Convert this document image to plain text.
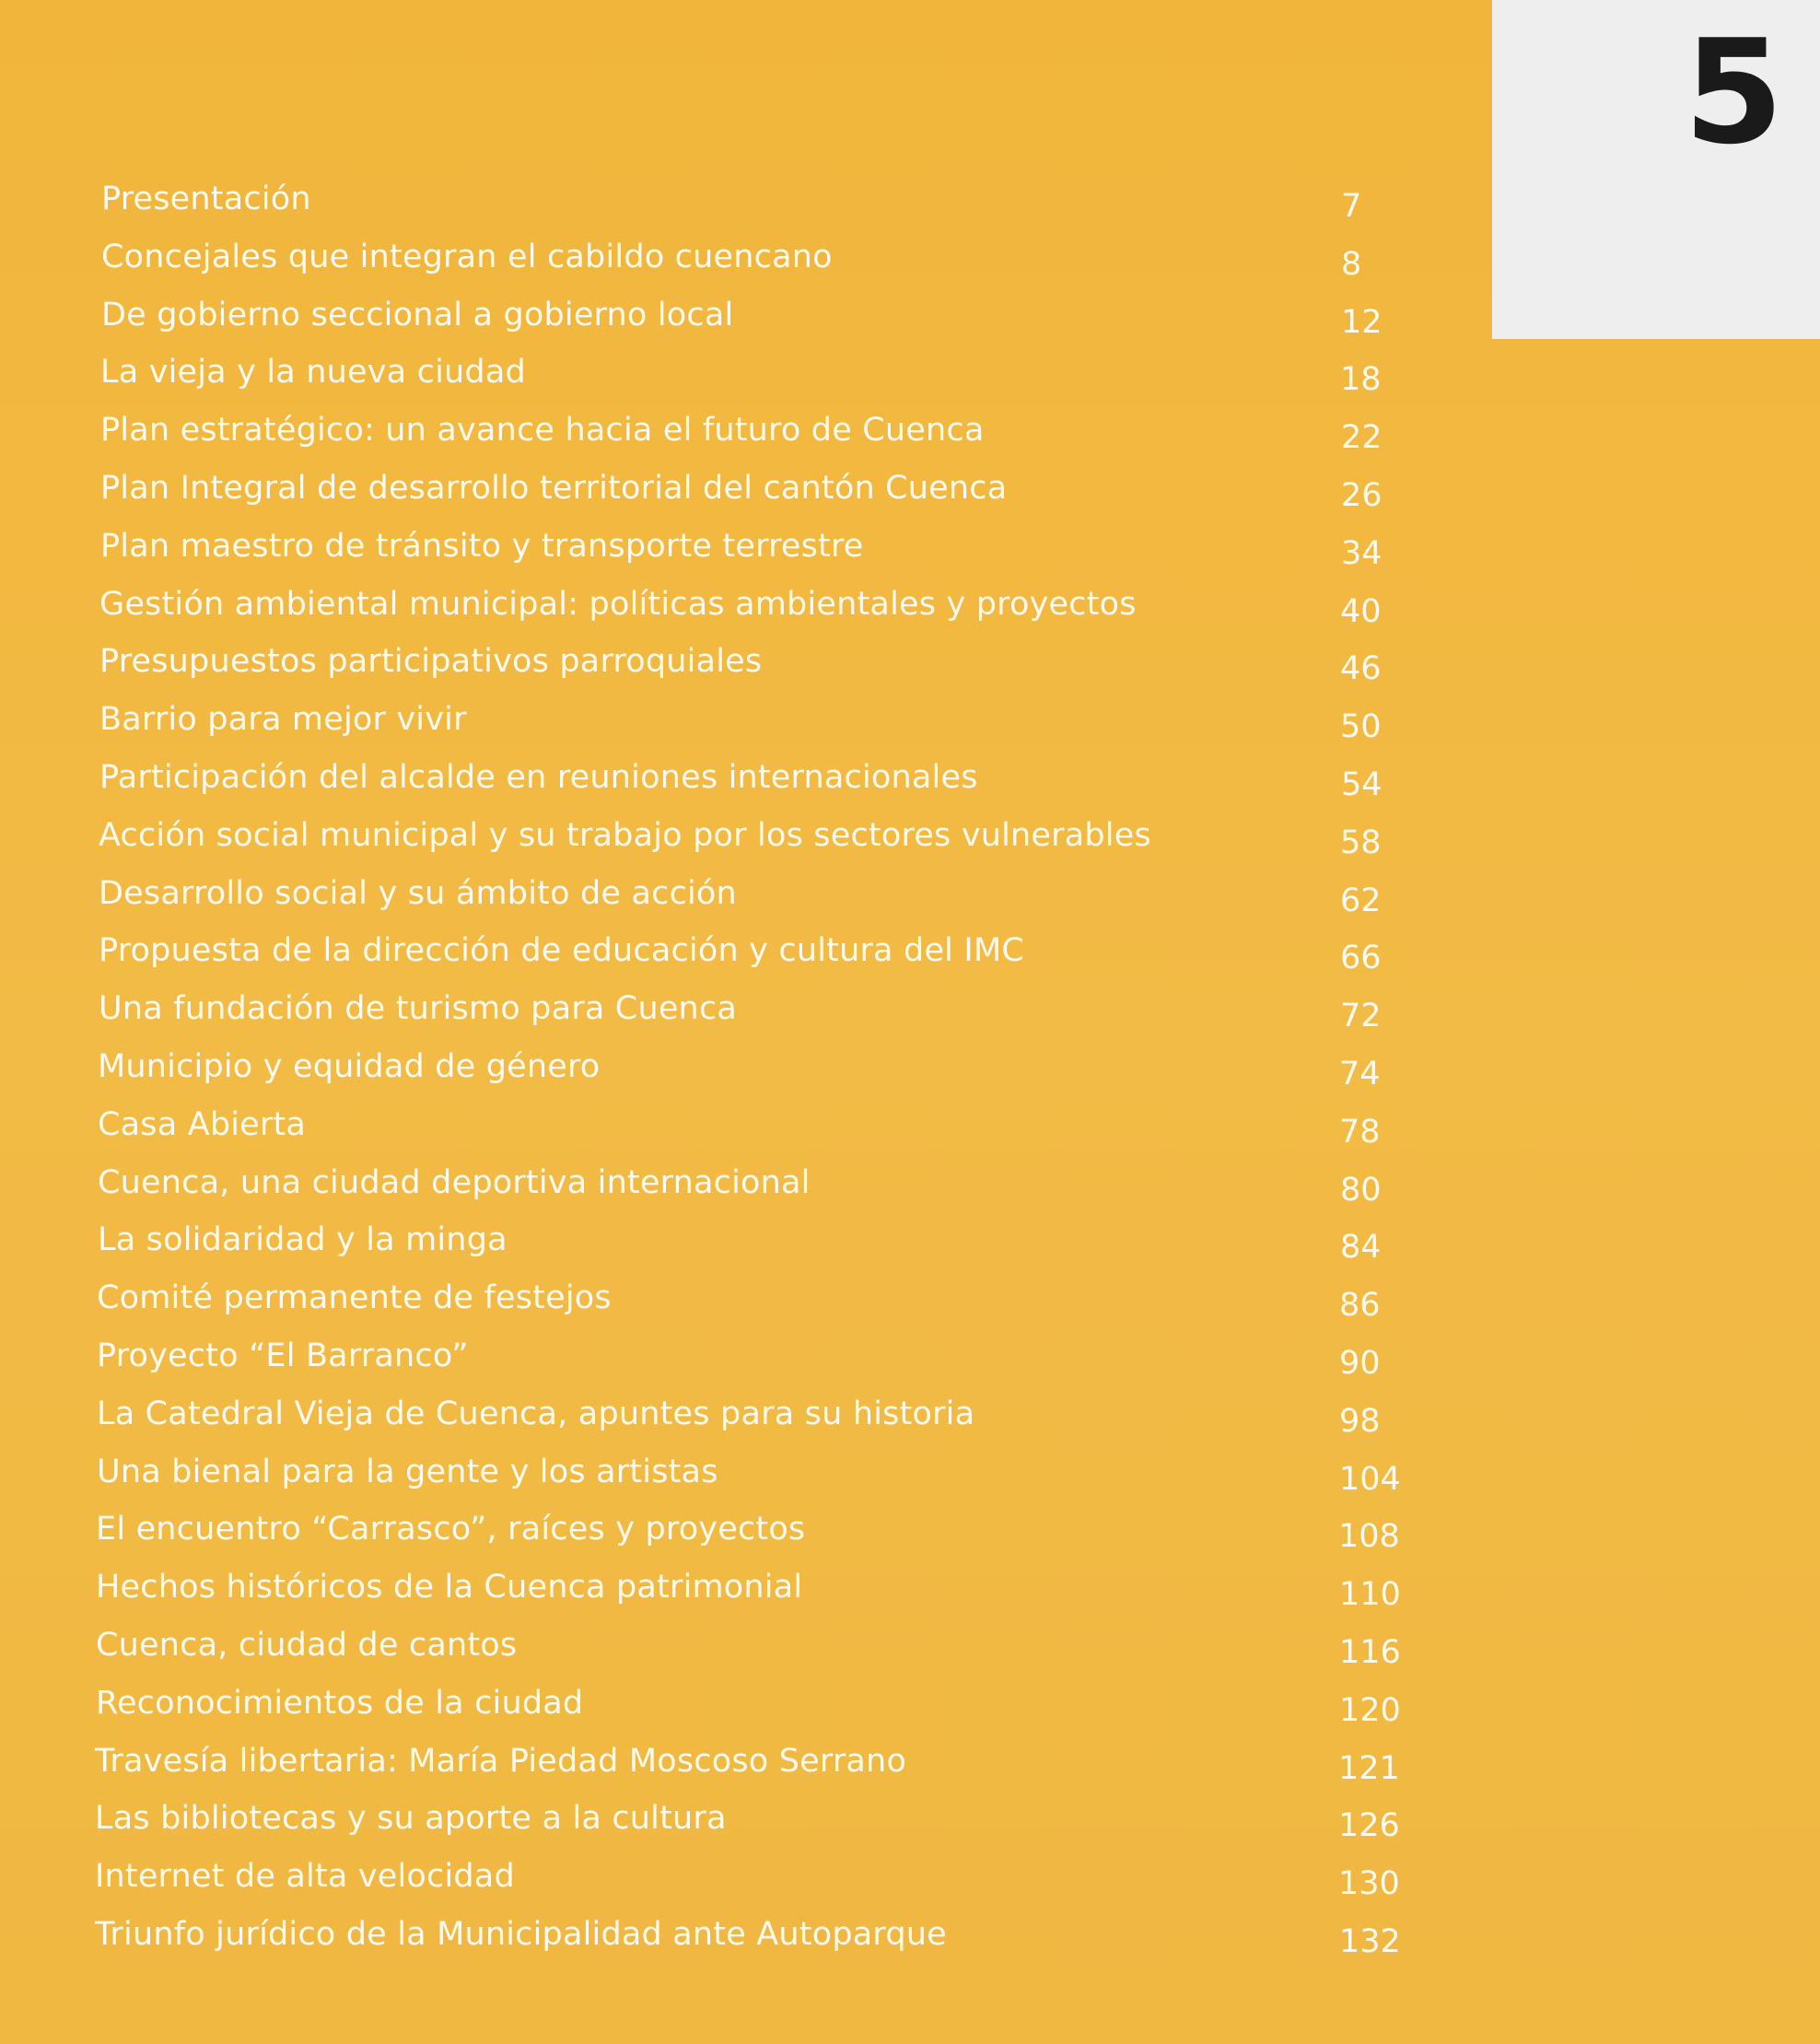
5
Presentación	7
Concejales que integran el cabildo cuencano	8
De gobierno seccional a gobierno local	12
La vieja y la nueva ciudad	18
Plan estratégico: un avance hacia el futuro de Cuenca	22
Plan Integral de desarrollo territorial del cantón Cuenca	26
Plan maestro de tránsito y transporte terrestre	34
Gestión ambiental municipal: políticas ambientales y proyectos	40
Presupuestos participativos parroquiales	46
Barrio para mejor vivir	50
Participación del alcalde en reuniones internacionales	54
Acción social municipal y su trabajo por los sectores vulnerables	58
Desarrollo social y su ámbito de acción	62
Propuesta de la dirección de educación y cultura del IMC	66
Una fundación de turismo para Cuenca	72
Municipio y equidad de género	74
Casa Abierta	78
Cuenca, una ciudad deportiva internacional	80
La solidaridad y la minga	84
Comité permanente de festejos	86
Proyecto “El Barranco”	90
La Catedral Vieja de Cuenca, apuntes para su historia	98
Una bienal para la gente y los artistas	104
El encuentro “Carrasco”, raíces y proyectos	108
Hechos históricos de la Cuenca patrimonial	110
Cuenca, ciudad de cantos	116
Reconocimientos de la ciudad	120
Travesía libertaria: María Piedad Moscoso Serrano	121
Las bibliotecas y su aporte a la cultura	126
Internet de alta velocidad	130
Triunfo jurídico de la Municipalidad ante Autoparque	132
